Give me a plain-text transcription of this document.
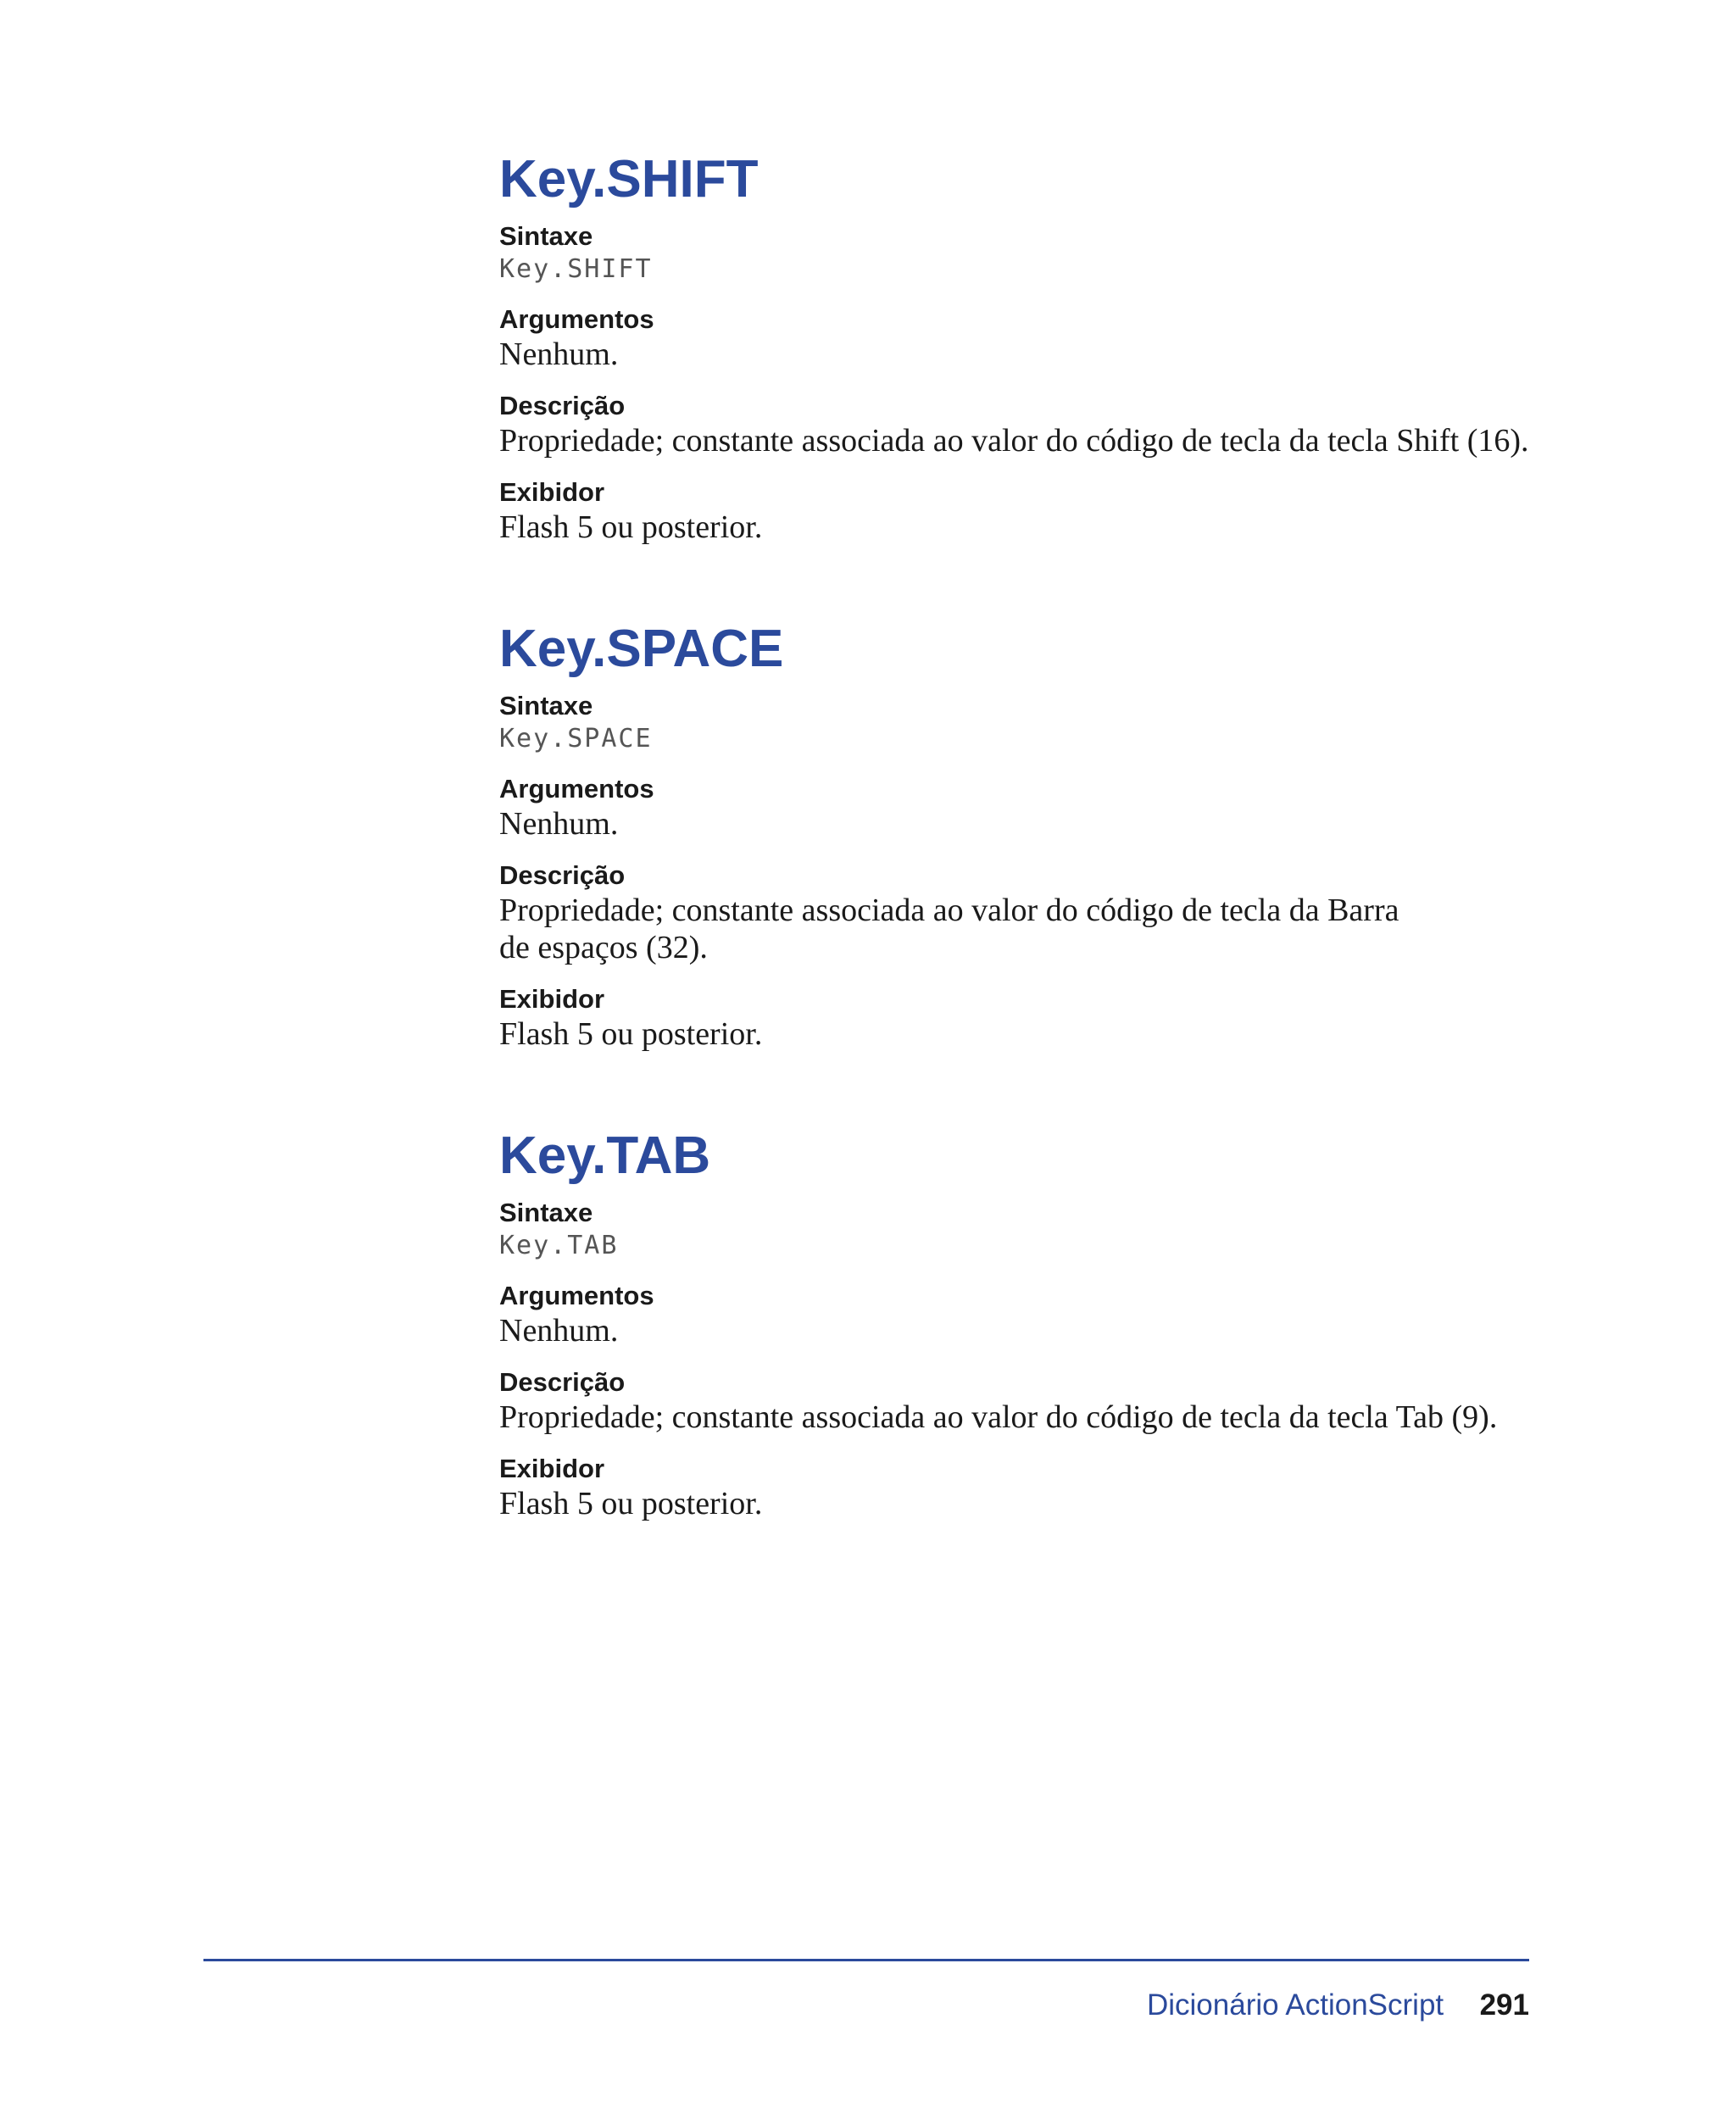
Key.SHIFT
Sintaxe
Key.SHIFT
Argumentos
Nenhum.
Descrição
Propriedade; constante associada ao valor do código de tecla da tecla Shift (16).
Exibidor
Flash 5 ou posterior.
Key.SPACE
Sintaxe
Key.SPACE
Argumentos
Nenhum.
Descrição
Propriedade; constante associada ao valor do código de tecla da Barra de espaços (32).
Exibidor
Flash 5 ou posterior.
Key.TAB
Sintaxe
Key.TAB
Argumentos
Nenhum.
Descrição
Propriedade; constante associada ao valor do código de tecla da tecla Tab (9).
Exibidor
Flash 5 ou posterior.
Dicionário ActionScript 291
